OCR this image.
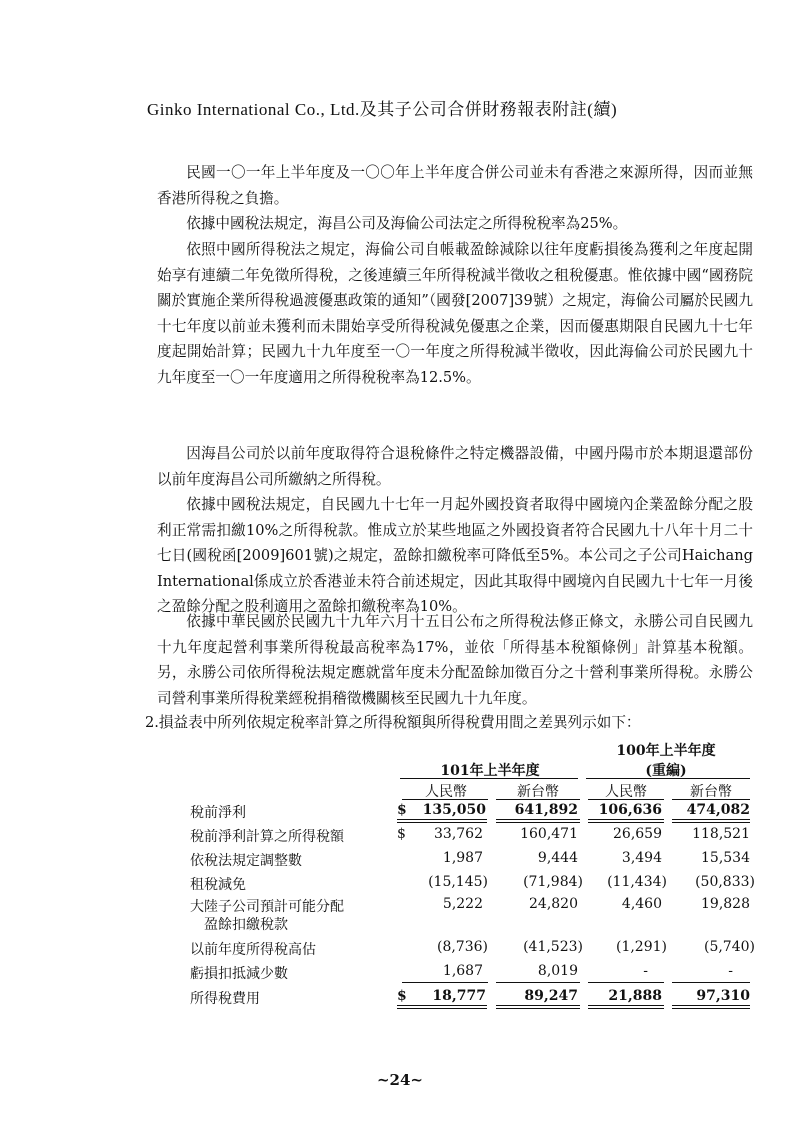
Ginko International Co., Ltd.及其子公司合併財務報表附註(續)

民國一〇一年上半年度及一〇〇年上半年度合併公司並未有香港之來源所得，因而並無香港所得稅之負擔。

依據中國稅法規定，海昌公司及海倫公司法定之所得稅稅率為25%。

依照中國所得稅法之規定，海倫公司自帳載盈餘減除以往年度虧損後為獲利之年度起開始享有連續二年免徵所得稅，之後連續三年所得稅減半徵收之租稅優惠。惟依據中國“國務院關於實施企業所得稅過渡優惠政策的通知”（國發[2007]39號）之規定，海倫公司屬於民國九十七年度以前並未獲利而未開始享受所得稅減免優惠之企業，因而優惠期限自民國九十七年度起開始計算；民國九十九年度至一〇一年度之所得稅減半徵收，因此海倫公司於民國九十九年度至一〇一年度適用之所得稅稅率為12.5%。

因海昌公司於以前年度取得符合退稅條件之特定機器設備，中國丹陽市於本期退還部份以前年度海昌公司所繳納之所得稅。

依據中國稅法規定，自民國九十七年一月起外國投資者取得中國境內企業盈餘分配之股利正常需扣繳10%之所得稅款。惟成立於某些地區之外國投資者符合民國九十八年十月二十七日(國稅函[2009]601號)之規定，盈餘扣繳稅率可降低至5%。本公司之子公司Haichang International係成立於香港並未符合前述規定，因此其取得中國境內自民國九十七年一月後之盈餘分配之股利適用之盈餘扣繳稅率為10%。

依據中華民國於民國九十九年六月十五日公布之所得稅法修正條文，永勝公司自民國九十九年度起營利事業所得稅最高稅率為17%，並依「所得基本稅額條例」計算基本稅額。另，永勝公司依所得稅法規定應就當年度未分配盈餘加徵百分之十營利事業所得稅。永勝公司營利事業所得稅業經稅捐稽徵機關核至民國九十九年度。

2.損益表中所列依規定稅率計算之所得稅額與所得稅費用間之差異列示如下：
100年上半年度
101年上半年度	(重編)
人民幣	新台幣	人民幣	新台幣
稅前淨利	$	135,050	641,892	106,636	474,082
稅前淨利計算之所得稅額	$	33,762	160,471	26,659	118,521
依稅法規定調整數	1,987	9,444	3,494	15,534
租稅減免	(15,145)	(71,984)	(11,434)	(50,833)
大陸子公司預計可能分配
盈餘扣繳稅款
5,222	24,820	4,460	19,828
以前年度所得稅高估	(8,736)	(41,523)	(1,291)	(5,740)
虧損扣抵減少數	1,687	8,019	-	-
所得稅費用	$	18,777	89,247	21,888	97,310
~24~
